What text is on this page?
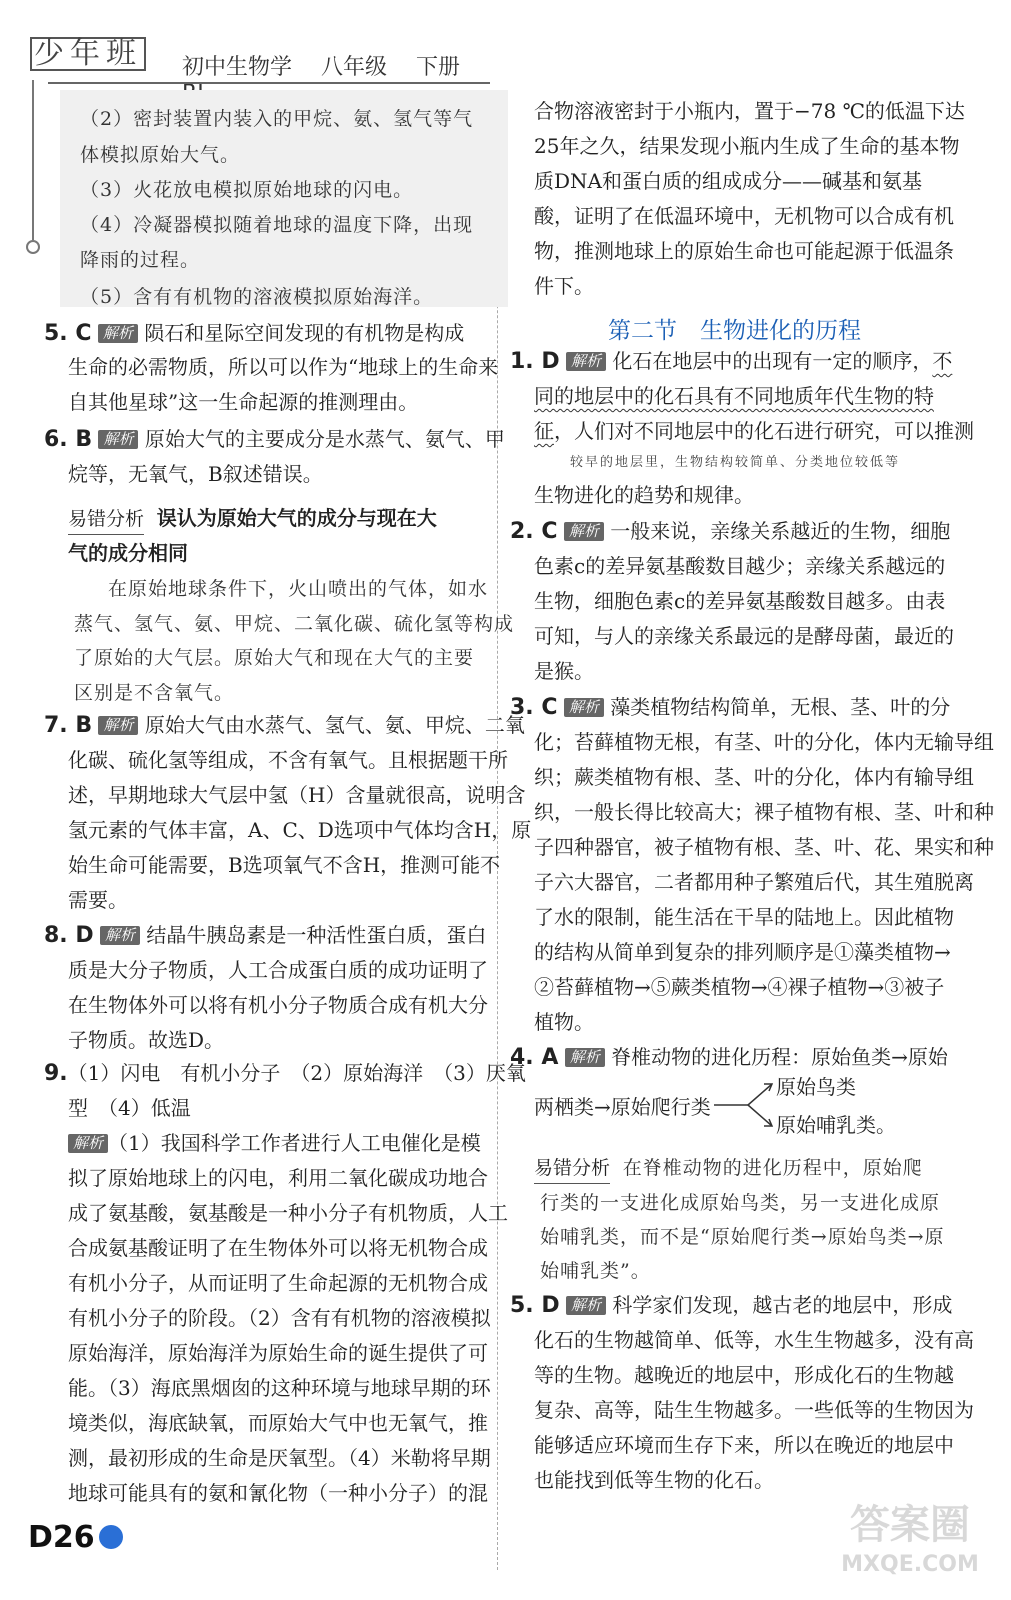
少年班	初中生物学 八年级 下册
（2）密封装置内装入的甲烷、氨、氢气等气
体模拟原始大气。
（3）火花放电模拟原始地球的闪电。
（4）冷凝器模拟随着地球的温度下降，出现
降雨的过程。
（5）含有有机物的溶液模拟原始海洋。
5. C 解析 陨石和星际空间发现的有机物是构成
生命的必需物质，所以可以作为“地球上的生命来
自其他星球”这一生命起源的推测理由。
6. B 解析 原始大气的主要成分是水蒸气、氨气、甲
烷等，无氧气，B叙述错误。
易错分析 误认为原始大气的成分与现在大
气的成分相同
在原始地球条件下，火山喷出的气体，如水
蒸气、氢气、氨、甲烷、二氧化碳、硫化氢等构成
了原始的大气层。原始大气和现在大气的主要
区别是不含氧气。
7. B 解析 原始大气由水蒸气、氢气、氨、甲烷、二氧
化碳、硫化氢等组成，不含有氧气。且根据题干所
述，早期地球大气层中氢（H）含量就很高，说明含
氢元素的气体丰富，A、C、D选项中气体均含H，原
始生命可能需要，B选项氧气不含H，推测可能不
需要。
8. D 解析 结晶牛胰岛素是一种活性蛋白质，蛋白
质是大分子物质，人工合成蛋白质的成功证明了
在生物体外可以将有机小分子物质合成有机大分
子物质。故选D。
9.（1）闪电　有机小分子　（2）原始海洋　（3）厌氧
型　（4）低温
解析 （1）我国科学工作者进行人工电催化是模
拟了原始地球上的闪电，利用二氧化碳成功地合
成了氨基酸，氨基酸是一种小分子有机物质，人工
合成氨基酸证明了在生物体外可以将无机物合成
有机小分子，从而证明了生命起源的无机物合成
有机小分子的阶段。（2）含有有机物的溶液模拟
原始海洋，原始海洋为原始生命的诞生提供了可
能。（3）海底黑烟囱的这种环境与地球早期的环
境类似，海底缺氧，而原始大气中也无氧气，推
测，最初形成的生命是厌氧型。（4）米勒将早期
地球可能具有的氨和氰化物（一种小分子）的混
合物溶液密封于小瓶内，置于−78 ℃的低温下达
25年之久，结果发现小瓶内生成了生命的基本物
质DNA和蛋白质的组成成分——碱基和氨基
酸，证明了在低温环境中，无机物可以合成有机
物，推测地球上的原始生命也可能起源于低温条
件下。
第二节　生物进化的历程
1. D 解析 化石在地层中的出现有一定的顺序，不
同的地层中的化石具有不同地质年代生物的特
征，人们对不同地层中的化石进行研究，可以推测
较早的地层里，生物结构较简单、分类地位较低等
生物进化的趋势和规律。
2. C 解析 一般来说，亲缘关系越近的生物，细胞
色素c的差异氨基酸数目越少；亲缘关系越远的
生物，细胞色素c的差异氨基酸数目越多。由表
可知，与人的亲缘关系最远的是酵母菌，最近的
是猴。
3. C 解析 藻类植物结构简单，无根、茎、叶的分
化；苔藓植物无根，有茎、叶的分化，体内无输导组
织；蕨类植物有根、茎、叶的分化，体内有输导组
织，一般长得比较高大；裸子植物有根、茎、叶和种
子四种器官，被子植物有根、茎、叶、花、果实和种
子六大器官，二者都用种子繁殖后代，其生殖脱离
了水的限制，能生活在干旱的陆地上。因此植物
的结构从简单到复杂的排列顺序是①藻类植物→
②苔藓植物→⑤蕨类植物→④裸子植物→③被子
植物。
4. A 解析 脊椎动物的进化历程：原始鱼类→原始
两栖类→原始爬行类
原始鸟类
原始哺乳类。
易错分析 在脊椎动物的进化历程中，原始爬
行类的一支进化成原始鸟类，另一支进化成原
始哺乳类，而不是“原始爬行类→原始鸟类→原
始哺乳类”。
5. D 解析 科学家们发现，越古老的地层中，形成
化石的生物越简单、低等，水生生物越多，没有高
等的生物。越晚近的地层中，形成化石的生物越
复杂、高等，陆生生物越多。一些低等的生物因为
能够适应环境而生存下来，所以在晚近的地层中
也能找到低等生物的化石。
D26	答案圈
MXQE.COM
